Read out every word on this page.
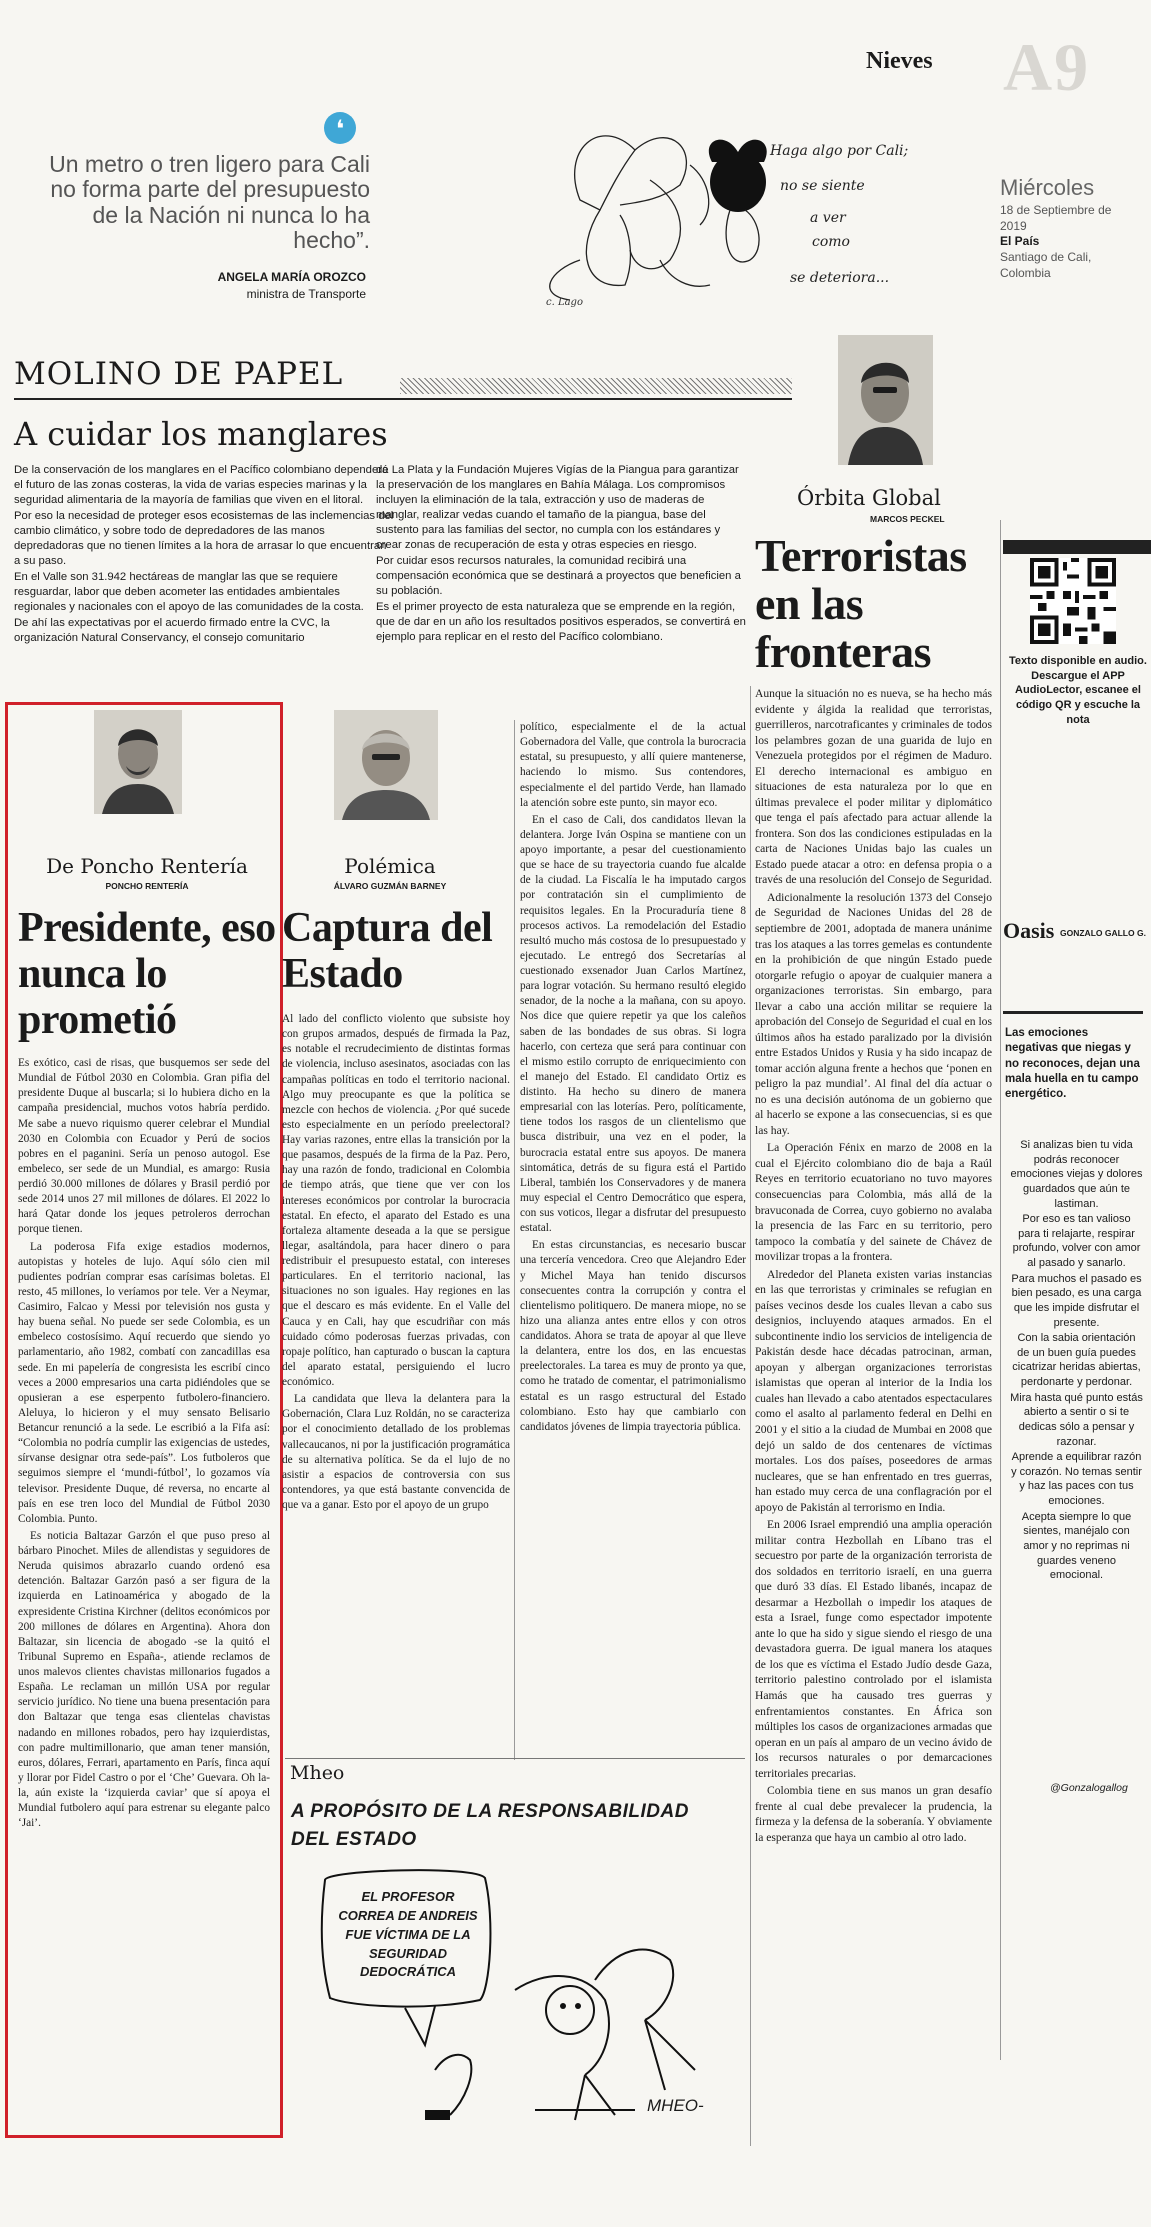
Nieves A9
❛
Un metro o tren ligero para Cali no forma parte del presupuesto de la Nación ni nunca lo ha hecho”.
ANGELA MARÍA OROZCO
ministra de Transporte
c. Lago
Haga algo por Cali;
no se siente
a ver
como
se deteriora...
Miércoles
18 de Septiembre de 2019
El País
Santiago de Cali, Colombia
MOLINO DE PAPEL
A cuidar los manglares

De la conservación de los manglares en el Pacífico colombiano dependerá el futuro de las zonas costeras, la vida de varias especies marinas y la seguridad alimentaria de la mayoría de familias que viven en el litoral.

Por eso la necesidad de proteger esos ecosistemas de las inclemencias del cambio climático, y sobre todo de depredadores de las manos depredadoras que no tienen límites a la hora de arrasar lo que encuentran a su paso.

En el Valle son 31.942 hectáreas de manglar las que se requiere resguardar, labor que deben acometer las entidades ambientales regionales y nacionales con el apoyo de las comunidades de la costa.

De ahí las expectativas por el acuerdo firmado entre la CVC, la organización Natural Conservancy, el consejo comunitario

de La Plata y la Fundación Mujeres Vigías de la Piangua para garantizar la preservación de los manglares en Bahía Málaga. Los compromisos incluyen la eliminación de la tala, extracción y uso de maderas de manglar, realizar vedas cuando el tamaño de la piangua, base del sustento para las familias del sector, no cumpla con los estándares y crear zonas de recuperación de esta y otras especies en riesgo.

Por cuidar esos recursos naturales, la comunidad recibirá una compensación económica que se destinará a proyectos que beneficien a su población.

Es el primer proyecto de esta naturaleza que se emprende en la región, que de dar en un año los resultados positivos esperados, se convertirá en ejemplo para replicar en el resto del Pacífico colombiano.

Órbita Global
MARCOS PECKEL
Terroristas en las fronteras

Aunque la situación no es nueva, se ha hecho más evidente y álgida la realidad que terroristas, guerrilleros, narcotraficantes y criminales de todos los pelambres gozan de una guarida de lujo en Venezuela protegidos por el régimen de Maduro. El derecho internacional es ambiguo en situaciones de esta naturaleza por lo que en últimas prevalece el poder militar y diplomático que tenga el país afectado para actuar allende la frontera. Son dos las condiciones estipuladas en la carta de Naciones Unidas bajo las cuales un Estado puede atacar a otro: en defensa propia o a través de una resolución del Consejo de Seguridad.

Adicionalmente la resolución 1373 del Consejo de Seguridad de Naciones Unidas del 28 de septiembre de 2001, adoptada de manera unánime tras los ataques a las torres gemelas es contundente en la prohibición de que ningún Estado puede otorgarle refugio o apoyar de cualquier manera a organizaciones terroristas. Sin embargo, para llevar a cabo una acción militar se requiere la aprobación del Consejo de Seguridad el cual en los últimos años ha estado paralizado por la división entre Estados Unidos y Rusia y ha sido incapaz de tomar acción alguna frente a hechos que ‘ponen en peligro la paz mundial’. Al final del día actuar o no es una decisión autónoma de un gobierno que al hacerlo se expone a las consecuencias, si es que las hay.

La Operación Fénix en marzo de 2008 en la cual el Ejército colombiano dio de baja a Raúl Reyes en territorio ecuatoriano no tuvo mayores consecuencias para Colombia, más allá de la bravuconada de Correa, cuyo gobierno no avalaba la presencia de las Farc en su territorio, pero tampoco la combatía y del sainete de Chávez de movilizar tropas a la frontera.

Alrededor del Planeta existen varias instancias en las que terroristas y criminales se refugian en países vecinos desde los cuales llevan a cabo sus designios, incluyendo ataques armados. En el subcontinente indio los servicios de inteligencia de Pakistán desde hace décadas patrocinan, arman, apoyan y albergan organizaciones terroristas islamistas que operan al interior de la India los cuales han llevado a cabo atentados espectaculares como el asalto al parlamento federal en Delhi en 2001 y el sitio a la ciudad de Mumbai en 2008 que dejó un saldo de dos centenares de víctimas mortales. Los dos países, poseedores de armas nucleares, que se han enfrentado en tres guerras, han estado muy cerca de una conflagración por el apoyo de Pakistán al terrorismo en India.

En 2006 Israel emprendió una amplia operación militar contra Hezbollah en Líbano tras el secuestro por parte de la organización terrorista de dos soldados en territorio israelí, en una guerra que duró 33 días. El Estado libanés, incapaz de desarmar a Hezbollah o impedir los ataques de esta a Israel, funge como espectador impotente ante lo que ha sido y sigue siendo el riesgo de una devastadora guerra. De igual manera los ataques de los que es víctima el Estado Judío desde Gaza, territorio palestino controlado por el islamista Hamás que ha causado tres guerras y enfrentamientos constantes. En África son múltiples los casos de organizaciones armadas que operan en un país al amparo de un vecino ávido de los recursos naturales o por demarcaciones territoriales precarias.

Colombia tiene en sus manos un gran desafío frente al cual debe prevalecer la prudencia, la firmeza y la defensa de la soberanía. Y obviamente la esperanza que haya un cambio al otro lado.

Texto disponible en audio. Descargue el APP AudioLector, escanee el código QR y escuche la nota
Oasis GONZALO GALLO G.
Las emociones negativas que niegas y no reconoces, dejan una mala huella en tu campo energético.

Si analizas bien tu vida podrás reconocer emociones viejas y dolores guardados que aún te lastiman.

Por eso es tan valioso para ti relajarte, respirar profundo, volver con amor al pasado y sanarlo.

Para muchos el pasado es bien pesado, es una carga que les impide disfrutar el presente.

Con la sabia orientación de un buen guía puedes cicatrizar heridas abiertas, perdonarte y perdonar.

Mira hasta qué punto estás abierto a sentir o si te dedicas sólo a pensar y razonar.

Aprende a equilibrar razón y corazón. No temas sentir y haz las paces con tus emociones.

Acepta siempre lo que sientes, manéjalo con amor y no reprimas ni guardes veneno emocional.

@Gonzalogallog
De Poncho Rentería
PONCHO RENTERÍA
Presidente, eso nunca lo prometió

Es exótico, casi de risas, que busquemos ser sede del Mundial de Fútbol 2030 en Colombia. Gran pifia del presidente Duque al buscarla; si lo hubiera dicho en la campaña presidencial, muchos votos habría perdido. Me sabe a nuevo riquismo querer celebrar el Mundial 2030 en Colombia con Ecuador y Perú de socios pobres en el paganini. Sería un penoso autogol. Ese embeleco, ser sede de un Mundial, es amargo: Rusia perdió 30.000 millones de dólares y Brasil perdió por sede 2014 unos 27 mil millones de dólares. El 2022 lo hará Qatar donde los jeques petroleros derrochan porque tienen.

La poderosa Fifa exige estadios modernos, autopistas y hoteles de lujo. Aquí sólo cien mil pudientes podrían comprar esas carísimas boletas. El resto, 45 millones, lo veríamos por tele. Ver a Neymar, Casimiro, Falcao y Messi por televisión nos gusta y hay buena señal. No puede ser sede Colombia, es un embeleco costosísimo. Aquí recuerdo que siendo yo parlamentario, año 1982, combatí con zancadillas esa sede. En mi papelería de congresista les escribí cinco veces a 2000 empresarios una carta pidiéndoles que se opusieran a ese esperpento futbolero-financiero. Aleluya, lo hicieron y el muy sensato Belisario Betancur renunció a la sede. Le escribió a la Fifa así: “Colombia no podría cumplir las exigencias de ustedes, sírvanse designar otra sede-país”. Los futboleros que seguimos siempre el ‘mundi-fútbol’, lo gozamos vía televisor. Presidente Duque, dé reversa, no encarte al país en ese tren loco del Mundial de Fútbol 2030 Colombia. Punto.

Es noticia Baltazar Garzón el que puso preso al bárbaro Pinochet. Miles de allendistas y seguidores de Neruda quisimos abrazarlo cuando ordenó esa detención. Baltazar Garzón pasó a ser figura de la izquierda en Latinoamérica y abogado de la expresidente Cristina Kirchner (delitos económicos por 200 millones de dólares en Argentina). Ahora don Baltazar, sin licencia de abogado -se la quitó el Tribunal Supremo en España-, atiende reclamos de unos malevos clientes chavistas millonarios fugados a España. Le reclaman un millón USA por regular servicio jurídico. No tiene una buena presentación para don Baltazar que tenga esas clientelas chavistas nadando en millones robados, pero hay izquierdistas, con padre multimillonario, que aman tener mansión, euros, dólares, Ferrari, apartamento en París, finca aquí y llorar por Fidel Castro o por el ‘Che’ Guevara. Oh la-la, aún existe la ‘izquierda caviar’ que sí apoya el Mundial futbolero aquí para estrenar su elegante palco ‘Jai’.

Polémica
ÁLVARO GUZMÁN BARNEY
Captura del Estado

Al lado del conflicto violento que subsiste hoy con grupos armados, después de firmada la Paz, es notable el recrudecimiento de distintas formas de violencia, incluso asesinatos, asociadas con las campañas políticas en todo el territorio nacional. Algo muy preocupante es que la política se mezcle con hechos de violencia. ¿Por qué sucede esto especialmente en un período preelectoral? Hay varias razones, entre ellas la transición por la que pasamos, después de la firma de la Paz. Pero, hay una razón de fondo, tradicional en Colombia de tiempo atrás, que tiene que ver con los intereses económicos por controlar la burocracia estatal. En efecto, el aparato del Estado es una fortaleza altamente deseada a la que se persigue llegar, asaltándola, para hacer dinero o para redistribuir el presupuesto estatal, con intereses particulares. En el territorio nacional, las situaciones no son iguales. Hay regiones en las que el descaro es más evidente. En el Valle del Cauca y en Cali, hay que escudriñar con más cuidado cómo poderosas fuerzas privadas, con ropaje político, han capturado o buscan la captura del aparato estatal, persiguiendo el lucro económico.

La candidata que lleva la delantera para la Gobernación, Clara Luz Roldán, no se caracteriza por el conocimiento detallado de los problemas vallecaucanos, ni por la justificación programática de su alternativa política. Se da el lujo de no asistir a espacios de controversia con sus contendores, ya que está bastante convencida de que va a ganar. Esto por el apoyo de un grupo

político, especialmente el de la actual Gobernadora del Valle, que controla la burocracia estatal, su presupuesto, y allí quiere mantenerse, haciendo lo mismo. Sus contendores, especialmente el del partido Verde, han llamado la atención sobre este punto, sin mayor eco.

En el caso de Cali, dos candidatos llevan la delantera. Jorge Iván Ospina se mantiene con un apoyo importante, a pesar del cuestionamiento que se hace de su trayectoria cuando fue alcalde de la ciudad. La Fiscalía le ha imputado cargos por contratación sin el cumplimiento de requisitos legales. En la Procuraduría tiene 8 procesos activos. La remodelación del Estadio resultó mucho más costosa de lo presupuestado y ejecutado. Le entregó dos Secretarías al cuestionado exsenador Juan Carlos Martínez, para lograr votación. Su hermano resultó elegido senador, de la noche a la mañana, con su apoyo. Nos dice que quiere repetir ya que los caleños saben de las bondades de sus obras. Si logra hacerlo, con certeza que será para continuar con el mismo estilo corrupto de enriquecimiento con el manejo del Estado. El candidato Ortiz es distinto. Ha hecho su dinero de manera empresarial con las loterías. Pero, políticamente, tiene todos los rasgos de un clientelismo que busca distribuir, una vez en el poder, la burocracia estatal entre sus apoyos. De manera sintomática, detrás de su figura está el Partido Liberal, también los Conservadores y de manera muy especial el Centro Democrático que espera, con sus voticos, llegar a disfrutar del presupuesto estatal.

En estas circunstancias, es necesario buscar una tercería vencedora. Creo que Alejandro Eder y Michel Maya han tenido discursos consecuentes contra la corrupción y contra el clientelismo politiquero. De manera miope, no se hizo una alianza antes entre ellos y con otros candidatos. Ahora se trata de apoyar al que lleve la delantera, entre los dos, en las encuestas preelectorales. La tarea es muy de pronto ya que, como he tratado de comentar, el patrimonialismo estatal es un rasgo estructural del Estado colombiano. Esto hay que cambiarlo con candidatos jóvenes de limpia trayectoria pública.

Mheo
A PROPÓSITO DE LA RESPONSABILIDAD DEL ESTADO
EL PROFESOR CORREA DE ANDREIS FUE VÍCTIMA DE LA SEGURIDAD DEDOCRÁTICA
MHEO-
